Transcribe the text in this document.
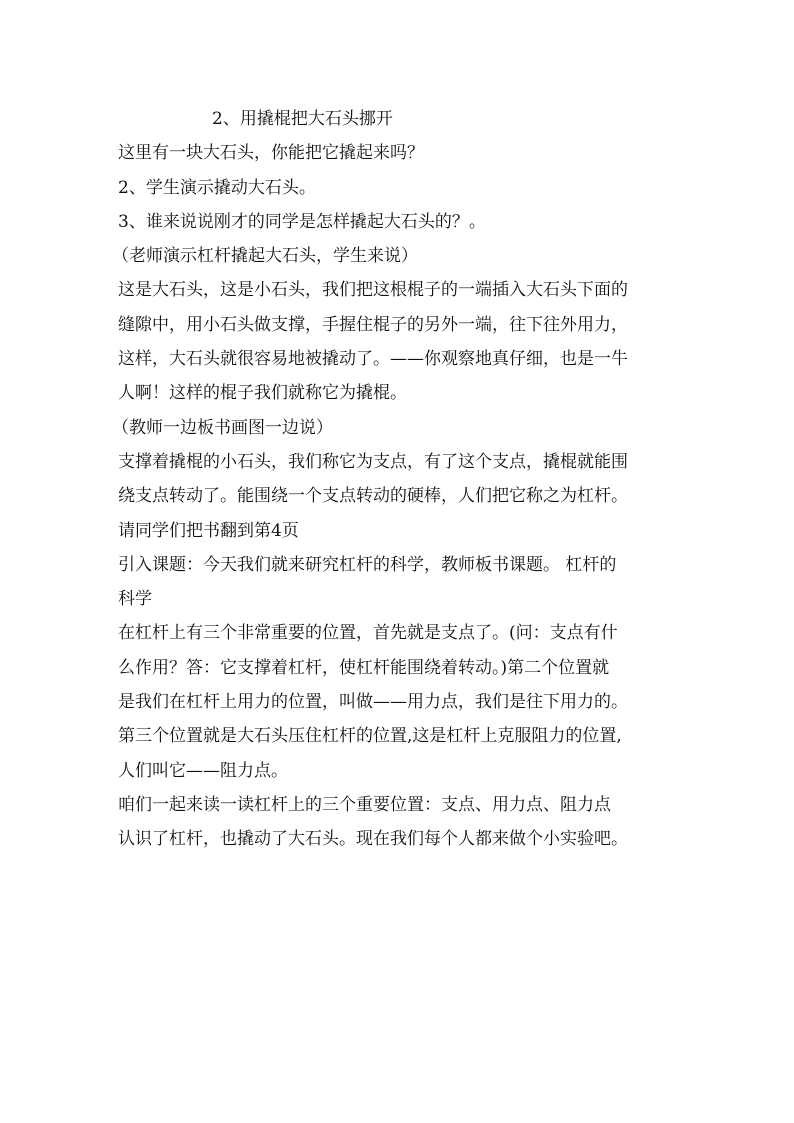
2、用撬棍把大石头挪开
这里有一块大石头，你能把它撬起来吗？
2、学生演示撬动大石头。
3、谁来说说刚才的同学是怎样撬起大石头的？。
（老师演示杠杆撬起大石头，学生来说）
这是大石头，这是小石头，我们把这根棍子的一端插入大石头下面的
缝隙中，用小石头做支撑，手握住棍子的另外一端，往下往外用力，
这样，大石头就很容易地被撬动了。——你观察地真仔细，也是一牛
人啊！这样的棍子我们就称它为撬棍。
（教师一边板书画图一边说）
支撑着撬棍的小石头，我们称它为支点，有了这个支点，撬棍就能围
绕支点转动了。能围绕一个支点转动的硬棒，人们把它称之为杠杆。
请同学们把书翻到第4页
引入课题：今天我们就来研究杠杆的科学，教师板书课题。 杠杆的
科学
在杠杆上有三个非常重要的位置，首先就是支点了。(问：支点有什
么作用？答：它支撑着杠杆，使杠杆能围绕着转动。)第二个位置就
是我们在杠杆上用力的位置，叫做——用力点，我们是往下用力的。
第三个位置就是大石头压住杠杆的位置,这是杠杆上克服阻力的位置,
人们叫它——阻力点。
咱们一起来读一读杠杆上的三个重要位置：支点、用力点、阻力点
认识了杠杆，也撬动了大石头。现在我们每个人都来做个小实验吧。
